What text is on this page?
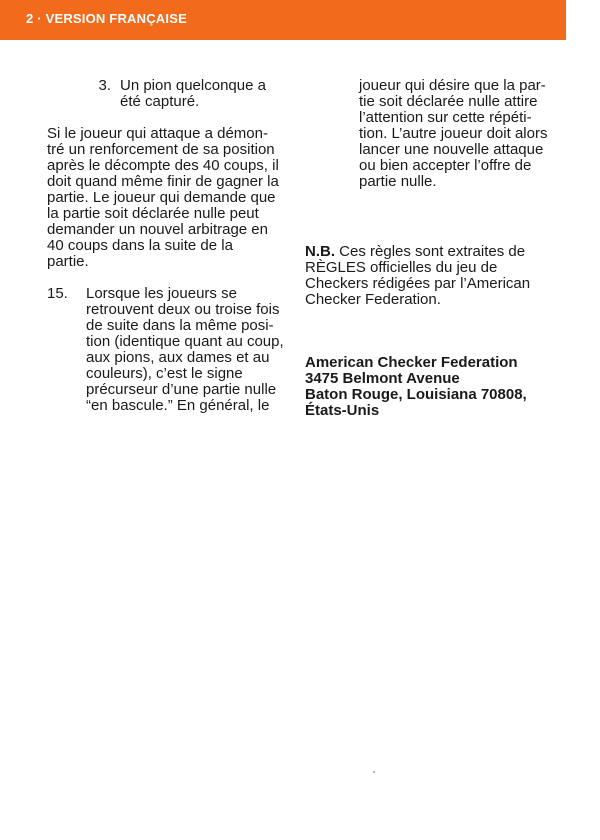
2 · VERSION FRANÇAISE
3. Un pion quelconque a
été capturé.
Si le joueur qui attaque a démon-
tré un renforcement de sa position
après le décompte des 40 coups, il
doit quand même finir de gagner la
partie. Le joueur qui demande que
la partie soit déclarée nulle peut
demander un nouvel arbitrage en
40 coups dans la suite de la
partie.
15.	Lorsque les joueurs se
retrouvent deux ou troise fois
de suite dans la même posi-
tion (identique quant au coup,
aux pions, aux dames et au
couleurs), c’est le signe
précurseur d’une partie nulle
“en bascule.” En général, le
joueur qui désire que la par-
tie soit déclarée nulle attire
l’attention sur cette répéti-
tion. L’autre joueur doit alors
lancer une nouvelle attaque
ou bien accepter l’offre de
partie nulle.
N.B. Ces règles sont extraites de
RÈGLES officielles du jeu de
Checkers rédigées par l’American
Checker Federation.
American Checker Federation
3475 Belmont Avenue
Baton Rouge, Louisiana 70808,
États-Unis
